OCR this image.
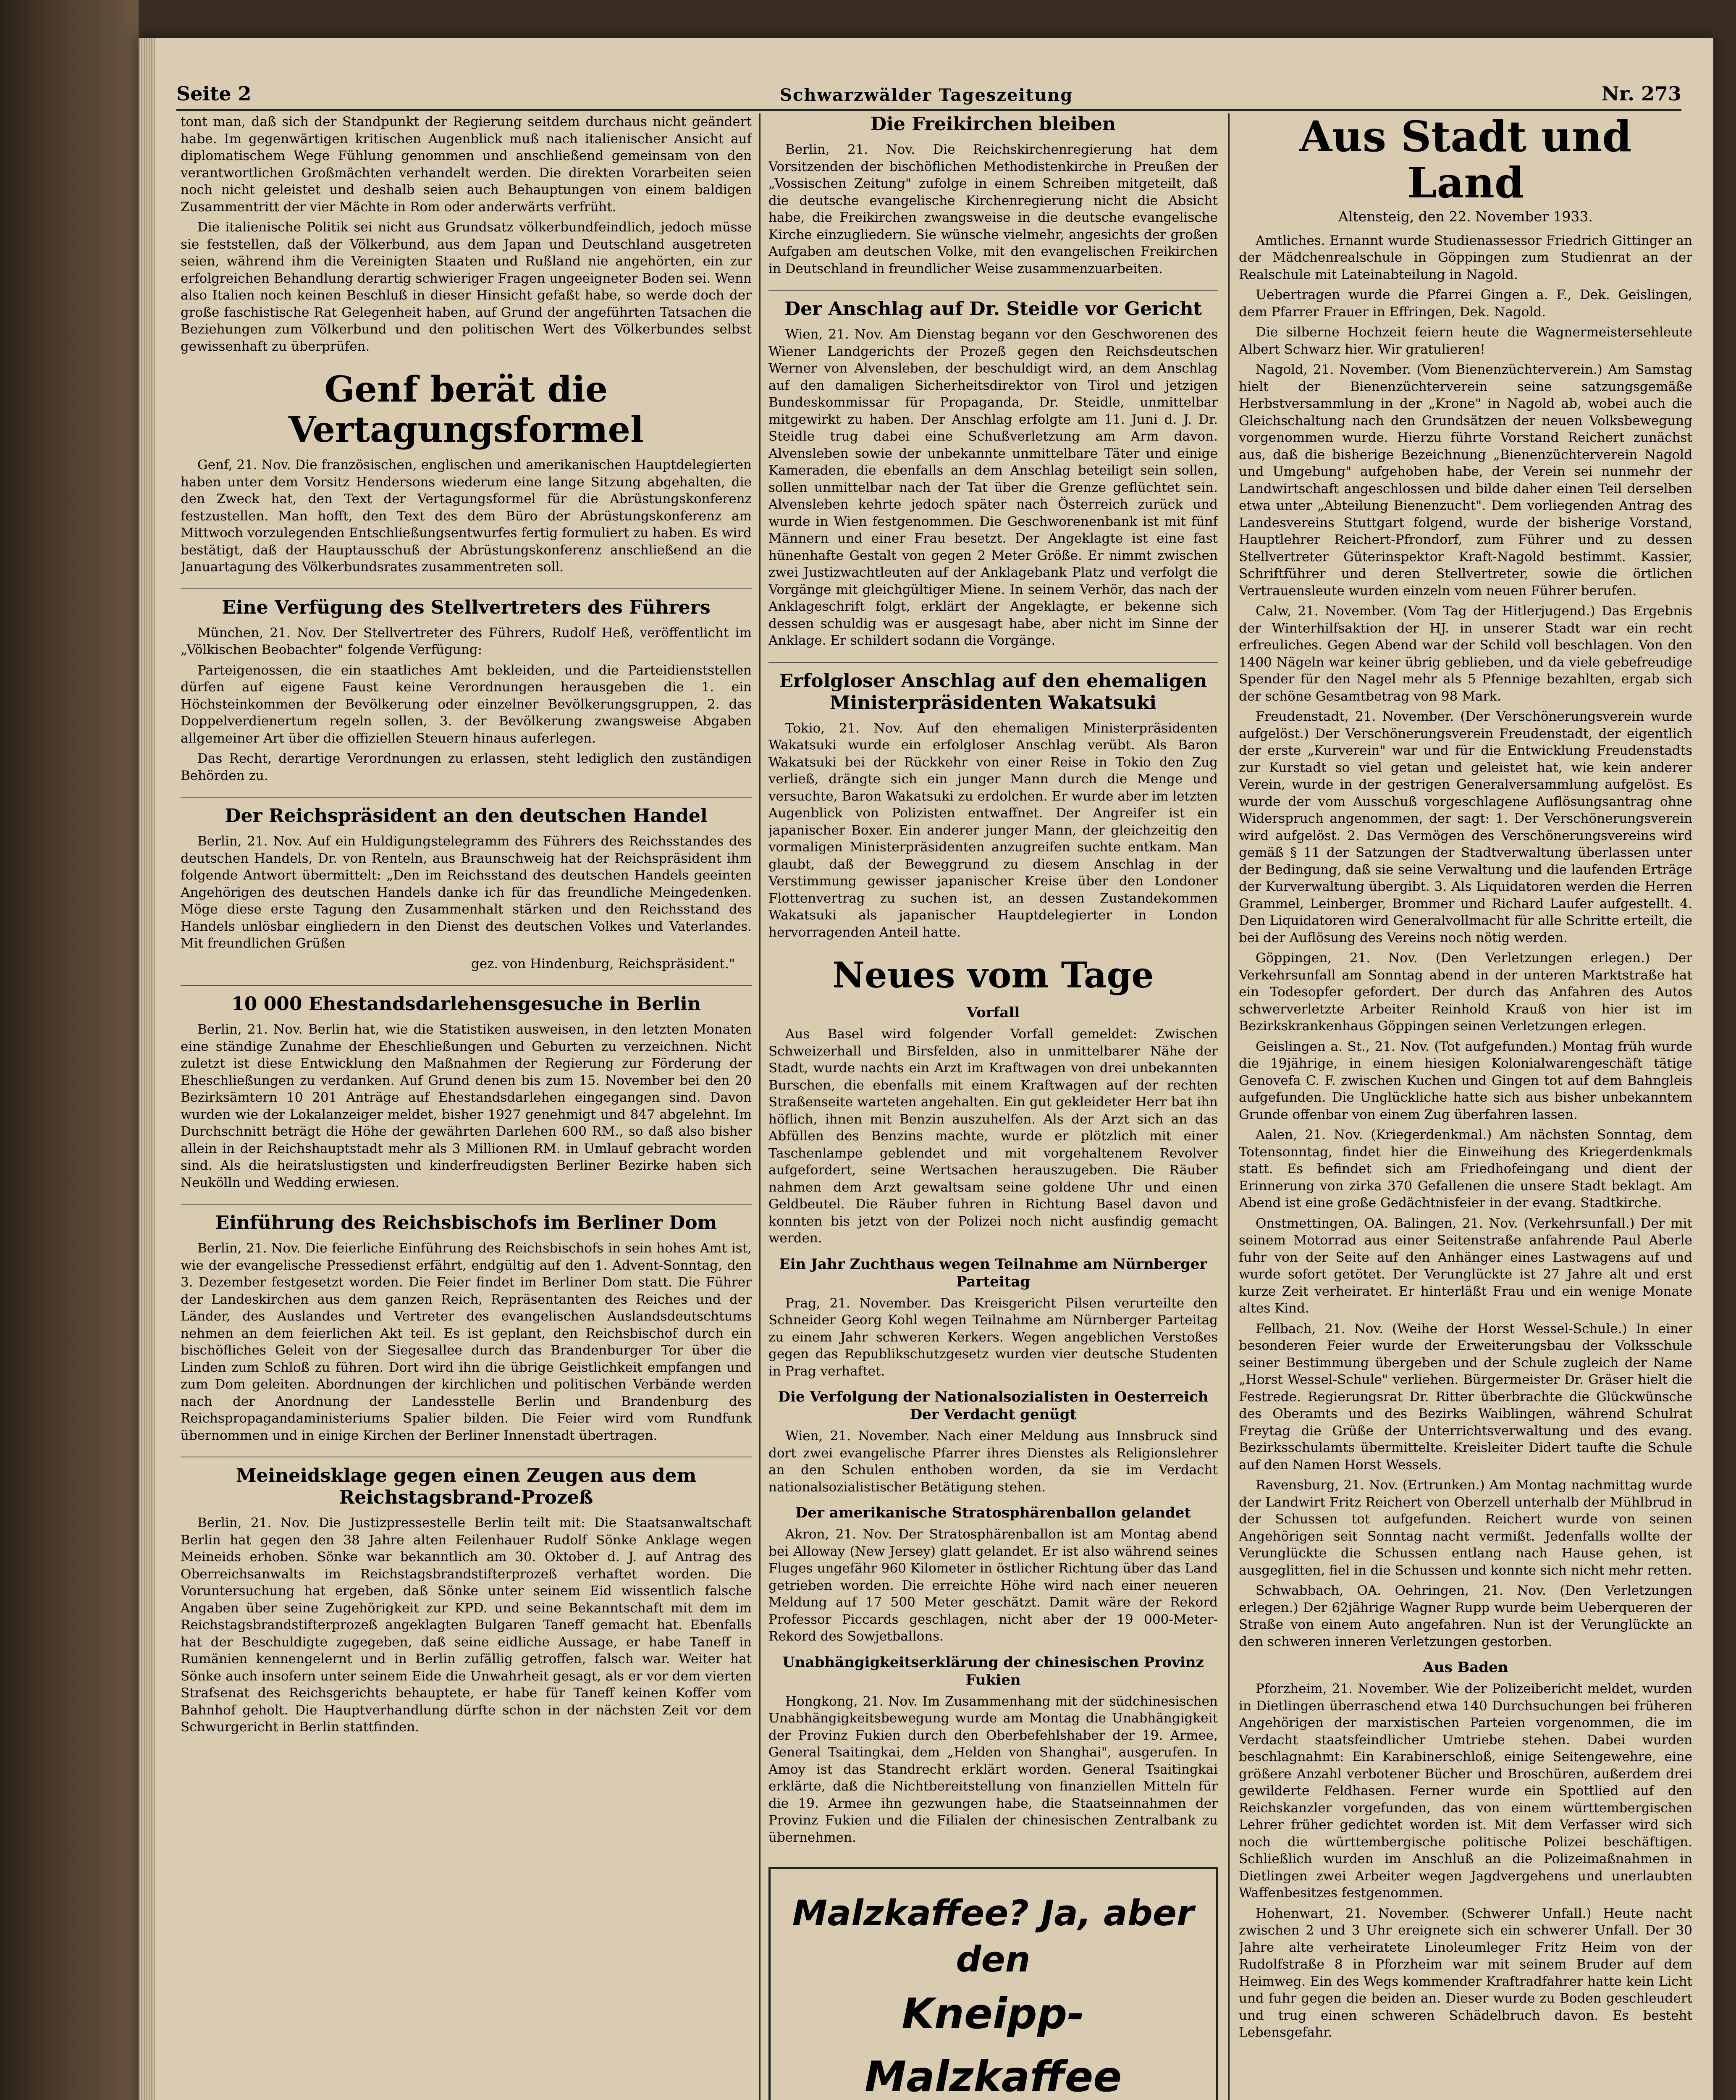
Seite 2	Schwarzwälder Tageszeitung	Nr. 273

tont man, daß sich der Standpunkt der Regierung seitdem durchaus nicht geändert habe. Im gegenwärtigen kritischen Augenblick muß nach italienischer Ansicht auf diplomatischem Wege Fühlung genommen und anschließend gemeinsam von den verantwortlichen Großmächten verhandelt werden. Die direkten Vorarbeiten seien noch nicht geleistet und deshalb seien auch Behauptungen von einem baldigen Zusammentritt der vier Mächte in Rom oder anderwärts verfrüht.

Die italienische Politik sei nicht aus Grundsatz völkerbundfeindlich, jedoch müsse sie feststellen, daß der Völkerbund, aus dem Japan und Deutschland ausgetreten seien, während ihm die Vereinigten Staaten und Rußland nie angehörten, ein zur erfolgreichen Behandlung derartig schwieriger Fragen ungeeigneter Boden sei. Wenn also Italien noch keinen Beschluß in dieser Hinsicht gefaßt habe, so werde doch der große faschistische Rat Gelegenheit haben, auf Grund der angeführten Tatsachen die Beziehungen zum Völkerbund und den politischen Wert des Völkerbundes selbst gewissenhaft zu überprüfen.

Genf berät die Vertagungsformel

Genf, 21. Nov. Die französischen, englischen und amerikanischen Hauptdelegierten haben unter dem Vorsitz Hendersons wiederum eine lange Sitzung abgehalten, die den Zweck hat, den Text der Vertagungsformel für die Abrüstungskonferenz festzustellen. Man hofft, den Text des dem Büro der Abrüstungskonferenz am Mittwoch vorzulegenden Entschließungsentwurfes fertig formuliert zu haben. Es wird bestätigt, daß der Hauptausschuß der Abrüstungskonferenz anschließend an die Januartagung des Völkerbundsrates zusammentreten soll.

Eine Verfügung des Stellvertreters des Führers

München, 21. Nov. Der Stellvertreter des Führers, Rudolf Heß, veröffentlicht im „Völkischen Beobachter" folgende Verfügung:

Parteigenossen, die ein staatliches Amt bekleiden, und die Parteidienststellen dürfen auf eigene Faust keine Verordnungen herausgeben die 1. ein Höchsteinkommen der Bevölkerung oder einzelner Bevölkerungsgruppen, 2. das Doppelverdienertum regeln sollen, 3. der Bevölkerung zwangsweise Abgaben allgemeiner Art über die offiziellen Steuern hinaus auferlegen.

Das Recht, derartige Verordnungen zu erlassen, steht lediglich den zuständigen Behörden zu.

Der Reichspräsident an den deutschen Handel

Berlin, 21. Nov. Auf ein Huldigungstelegramm des Führers des Reichsstandes des deutschen Handels, Dr. von Renteln, aus Braunschweig hat der Reichspräsident ihm folgende Antwort übermittelt: „Den im Reichsstand des deutschen Handels geeinten Angehörigen des deutschen Handels danke ich für das freundliche Meingedenken. Möge diese erste Tagung den Zusammenhalt stärken und den Reichsstand des Handels unlösbar eingliedern in den Dienst des deutschen Volkes und Vaterlandes. Mit freundlichen Grüßen

gez. von Hindenburg, Reichspräsident."
10 000 Ehestandsdarlehensgesuche in Berlin

Berlin, 21. Nov. Berlin hat, wie die Statistiken ausweisen, in den letzten Monaten eine ständige Zunahme der Eheschließungen und Geburten zu verzeichnen. Nicht zuletzt ist diese Entwicklung den Maßnahmen der Regierung zur Förderung der Eheschließungen zu verdanken. Auf Grund denen bis zum 15. November bei den 20 Bezirksämtern 10 201 Anträge auf Ehestandsdarlehen eingegangen sind. Davon wurden wie der Lokalanzeiger meldet, bisher 1927 genehmigt und 847 abgelehnt. Im Durchschnitt beträgt die Höhe der gewährten Darlehen 600 RM., so daß also bisher allein in der Reichshauptstadt mehr als 3 Millionen RM. in Umlauf gebracht worden sind. Als die heiratslustigsten und kinderfreudigsten Berliner Bezirke haben sich Neukölln und Wedding erwiesen.

Einführung des Reichsbischofs im Berliner Dom

Berlin, 21. Nov. Die feierliche Einführung des Reichsbischofs in sein hohes Amt ist, wie der evangelische Pressedienst erfährt, endgültig auf den 1. Advent-Sonntag, den 3. Dezember festgesetzt worden. Die Feier findet im Berliner Dom statt. Die Führer der Landeskirchen aus dem ganzen Reich, Repräsentanten des Reiches und der Länder, des Auslandes und Vertreter des evangelischen Auslandsdeutschtums nehmen an dem feierlichen Akt teil. Es ist geplant, den Reichsbischof durch ein bischöfliches Geleit von der Siegesallee durch das Brandenburger Tor über die Linden zum Schloß zu führen. Dort wird ihn die übrige Geistlichkeit empfangen und zum Dom geleiten. Abordnungen der kirchlichen und politischen Verbände werden nach der Anordnung der Landesstelle Berlin und Brandenburg des Reichspropagandaministeriums Spalier bilden. Die Feier wird vom Rundfunk übernommen und in einige Kirchen der Berliner Innenstadt übertragen.

Meineidsklage gegen einen Zeugen aus dem Reichstagsbrand-Prozeß

Berlin, 21. Nov. Die Justizpressestelle Berlin teilt mit: Die Staatsanwaltschaft Berlin hat gegen den 38 Jahre alten Feilenhauer Rudolf Sönke Anklage wegen Meineids erhoben. Sönke war bekanntlich am 30. Oktober d. J. auf Antrag des Oberreichsanwalts im Reichstagsbrandstifterprozeß verhaftet worden. Die Voruntersuchung hat ergeben, daß Sönke unter seinem Eid wissentlich falsche Angaben über seine Zugehörigkeit zur KPD. und seine Bekanntschaft mit dem im Reichstagsbrandstifterprozeß angeklagten Bulgaren Taneff gemacht hat. Ebenfalls hat der Beschuldigte zugegeben, daß seine eidliche Aussage, er habe Taneff in Rumänien kennengelernt und in Berlin zufällig getroffen, falsch war. Weiter hat Sönke auch insofern unter seinem Eide die Unwahrheit gesagt, als er vor dem vierten Strafsenat des Reichsgerichts behauptete, er habe für Taneff keinen Koffer vom Bahnhof geholt. Die Hauptverhandlung dürfte schon in der nächsten Zeit vor dem Schwurgericht in Berlin stattfinden.

Die Freikirchen bleiben

Berlin, 21. Nov. Die Reichskirchenregierung hat dem Vorsitzenden der bischöflichen Methodistenkirche in Preußen der „Vossischen Zeitung" zufolge in einem Schreiben mitgeteilt, daß die deutsche evangelische Kirchenregierung nicht die Absicht habe, die Freikirchen zwangsweise in die deutsche evangelische Kirche einzugliedern. Sie wünsche vielmehr, angesichts der großen Aufgaben am deutschen Volke, mit den evangelischen Freikirchen in Deutschland in freundlicher Weise zusammenzuarbeiten.

Der Anschlag auf Dr. Steidle vor Gericht

Wien, 21. Nov. Am Dienstag begann vor den Geschworenen des Wiener Landgerichts der Prozeß gegen den Reichsdeutschen Werner von Alvensleben, der beschuldigt wird, an dem Anschlag auf den damaligen Sicherheitsdirektor von Tirol und jetzigen Bundeskommissar für Propaganda, Dr. Steidle, unmittelbar mitgewirkt zu haben. Der Anschlag erfolgte am 11. Juni d. J. Dr. Steidle trug dabei eine Schußverletzung am Arm davon. Alvensleben sowie der unbekannte unmittelbare Täter und einige Kameraden, die ebenfalls an dem Anschlag beteiligt sein sollen, sollen unmittelbar nach der Tat über die Grenze geflüchtet sein. Alvensleben kehrte jedoch später nach Österreich zurück und wurde in Wien festgenommen. Die Geschworenenbank ist mit fünf Männern und einer Frau besetzt. Der Angeklagte ist eine fast hünenhafte Gestalt von gegen 2 Meter Größe. Er nimmt zwischen zwei Justizwachtleuten auf der Anklagebank Platz und verfolgt die Vorgänge mit gleichgültiger Miene. In seinem Verhör, das nach der Anklageschrift folgt, erklärt der Angeklagte, er bekenne sich dessen schuldig was er ausgesagt habe, aber nicht im Sinne der Anklage. Er schildert sodann die Vorgänge.

Erfolgloser Anschlag auf den ehemaligen Ministerpräsidenten Wakatsuki

Tokio, 21. Nov. Auf den ehemaligen Ministerpräsidenten Wakatsuki wurde ein erfolgloser Anschlag verübt. Als Baron Wakatsuki bei der Rückkehr von einer Reise in Tokio den Zug verließ, drängte sich ein junger Mann durch die Menge und versuchte, Baron Wakatsuki zu erdolchen. Er wurde aber im letzten Augenblick von Polizisten entwaffnet. Der Angreifer ist ein japanischer Boxer. Ein anderer junger Mann, der gleichzeitig den vormaligen Ministerpräsidenten anzugreifen suchte entkam. Man glaubt, daß der Beweggrund zu diesem Anschlag in der Verstimmung gewisser japanischer Kreise über den Londoner Flottenvertrag zu suchen ist, an dessen Zustandekommen Wakatsuki als japanischer Hauptdelegierter in London hervorragenden Anteil hatte.

Neues vom Tage
Vorfall

Aus Basel wird folgender Vorfall gemeldet: Zwischen Schweizerhall und Birsfelden, also in unmittelbarer Nähe der Stadt, wurde nachts ein Arzt im Kraftwagen von drei unbekannten Burschen, die ebenfalls mit einem Kraftwagen auf der rechten Straßenseite warteten angehalten. Ein gut gekleideter Herr bat ihn höflich, ihnen mit Benzin auszuhelfen. Als der Arzt sich an das Abfüllen des Benzins machte, wurde er plötzlich mit einer Taschenlampe geblendet und mit vorgehaltenem Revolver aufgefordert, seine Wertsachen herauszugeben. Die Räuber nahmen dem Arzt gewaltsam seine goldene Uhr und einen Geldbeutel. Die Räuber fuhren in Richtung Basel davon und konnten bis jetzt von der Polizei noch nicht ausfindig gemacht werden.

Ein Jahr Zuchthaus wegen Teilnahme am Nürnberger Parteitag

Prag, 21. November. Das Kreisgericht Pilsen verurteilte den Schneider Georg Kohl wegen Teilnahme am Nürnberger Parteitag zu einem Jahr schweren Kerkers. Wegen angeblichen Verstoßes gegen das Republikschutzgesetz wurden vier deutsche Studenten in Prag verhaftet.

Die Verfolgung der Nationalsozialisten in Oesterreich Der Verdacht genügt

Wien, 21. November. Nach einer Meldung aus Innsbruck sind dort zwei evangelische Pfarrer ihres Dienstes als Religionslehrer an den Schulen enthoben worden, da sie im Verdacht nationalsozialistischer Betätigung stehen.

Der amerikanische Stratosphärenballon gelandet

Akron, 21. Nov. Der Stratosphärenballon ist am Montag abend bei Alloway (New Jersey) glatt gelandet. Er ist also während seines Fluges ungefähr 960 Kilometer in östlicher Richtung über das Land getrieben worden. Die erreichte Höhe wird nach einer neueren Meldung auf 17 500 Meter geschätzt. Damit wäre der Rekord Professor Piccards geschlagen, nicht aber der 19 000-Meter-Rekord des Sowjetballons.

Unabhängigkeitserklärung der chinesischen Provinz Fukien

Hongkong, 21. Nov. Im Zusammenhang mit der südchinesischen Unabhängigkeitsbewegung wurde am Montag die Unabhängigkeit der Provinz Fukien durch den Oberbefehlshaber der 19. Armee, General Tsaitingkai, dem „Helden von Shanghai", ausgerufen. In Amoy ist das Standrecht erklärt worden. General Tsaitingkai erklärte, daß die Nichtbereitstellung von finanziellen Mitteln für die 19. Armee ihn gezwungen habe, die Staatseinnahmen der Provinz Fukien und die Filialen der chinesischen Zentralbank zu übernehmen.

Malzkaffee? Ja, aber den
Kneipp-Malzkaffee
Aus Stadt und Land
Altensteig, den 22. November 1933.

Amtliches. Ernannt wurde Studienassessor Friedrich Gittinger an der Mädchenrealschule in Göppingen zum Studienrat an der Realschule mit Lateinabteilung in Nagold.

Uebertragen wurde die Pfarrei Gingen a. F., Dek. Geislingen, dem Pfarrer Frauer in Effringen, Dek. Nagold.

Die silberne Hochzeit feiern heute die Wagnermeistersehleute Albert Schwarz hier. Wir gratulieren!

Nagold, 21. November. (Vom Bienenzüchterverein.) Am Samstag hielt der Bienenzüchterverein seine satzungsgemäße Herbstversammlung in der „Krone" in Nagold ab, wobei auch die Gleichschaltung nach den Grundsätzen der neuen Volksbewegung vorgenommen wurde. Hierzu führte Vorstand Reichert zunächst aus, daß die bisherige Bezeichnung „Bienenzüchterverein Nagold und Umgebung" aufgehoben habe, der Verein sei nunmehr der Landwirtschaft angeschlossen und bilde daher einen Teil derselben etwa unter „Abteilung Bienenzucht". Dem vorliegenden Antrag des Landesvereins Stuttgart folgend, wurde der bisherige Vorstand, Hauptlehrer Reichert-Pfrondorf, zum Führer und zu dessen Stellvertreter Güterinspektor Kraft-Nagold bestimmt. Kassier, Schriftführer und deren Stellvertreter, sowie die örtlichen Vertrauensleute wurden einzeln vom neuen Führer berufen.

Calw, 21. November. (Vom Tag der Hitlerjugend.) Das Ergebnis der Winterhilfsaktion der HJ. in unserer Stadt war ein recht erfreuliches. Gegen Abend war der Schild voll beschlagen. Von den 1400 Nägeln war keiner übrig geblieben, und da viele gebefreudige Spender für den Nagel mehr als 5 Pfennige bezahlten, ergab sich der schöne Gesamtbetrag von 98 Mark.

Freudenstadt, 21. November. (Der Verschönerungsverein wurde aufgelöst.) Der Verschönerungsverein Freudenstadt, der eigentlich der erste „Kurverein" war und für die Entwicklung Freudenstadts zur Kurstadt so viel getan und geleistet hat, wie kein anderer Verein, wurde in der gestrigen Generalversammlung aufgelöst. Es wurde der vom Ausschuß vorgeschlagene Auflösungsantrag ohne Widerspruch angenommen, der sagt: 1. Der Verschönerungsverein wird aufgelöst. 2. Das Vermögen des Verschönerungsvereins wird gemäß § 11 der Satzungen der Stadtverwaltung überlassen unter der Bedingung, daß sie seine Verwaltung und die laufenden Erträge der Kurverwaltung übergibt. 3. Als Liquidatoren werden die Herren Grammel, Leinberger, Brommer und Richard Laufer aufgestellt. 4. Den Liquidatoren wird Generalvollmacht für alle Schritte erteilt, die bei der Auflösung des Vereins noch nötig werden.

Göppingen, 21. Nov. (Den Verletzungen erlegen.) Der Verkehrsunfall am Sonntag abend in der unteren Marktstraße hat ein Todesopfer gefordert. Der durch das Anfahren des Autos schwerverletzte Arbeiter Reinhold Krauß von hier ist im Bezirkskrankenhaus Göppingen seinen Verletzungen erlegen.

Geislingen a. St., 21. Nov. (Tot aufgefunden.) Montag früh wurde die 19jährige, in einem hiesigen Kolonialwarengeschäft tätige Genovefa C. F. zwischen Kuchen und Gingen tot auf dem Bahngleis aufgefunden. Die Unglückliche hatte sich aus bisher unbekanntem Grunde offenbar von einem Zug überfahren lassen.

Aalen, 21. Nov. (Kriegerdenkmal.) Am nächsten Sonntag, dem Totensonntag, findet hier die Einweihung des Kriegerdenkmals statt. Es befindet sich am Friedhofeingang und dient der Erinnerung von zirka 370 Gefallenen die unsere Stadt beklagt. Am Abend ist eine große Gedächtnisfeier in der evang. Stadtkirche.

Onstmettingen, OA. Balingen, 21. Nov. (Verkehrsunfall.) Der mit seinem Motorrad aus einer Seitenstraße anfahrende Paul Aberle fuhr von der Seite auf den Anhänger eines Lastwagens auf und wurde sofort getötet. Der Verunglückte ist 27 Jahre alt und erst kurze Zeit verheiratet. Er hinterläßt Frau und ein wenige Monate altes Kind.

Fellbach, 21. Nov. (Weihe der Horst Wessel-Schule.) In einer besonderen Feier wurde der Erweiterungsbau der Volksschule seiner Bestimmung übergeben und der Schule zugleich der Name „Horst Wessel-Schule" verliehen. Bürgermeister Dr. Gräser hielt die Festrede. Regierungsrat Dr. Ritter überbrachte die Glückwünsche des Oberamts und des Bezirks Waiblingen, während Schulrat Freytag die Grüße der Unterrichtsverwaltung und des evang. Bezirksschulamts übermittelte. Kreisleiter Didert taufte die Schule auf den Namen Horst Wessels.

Ravensburg, 21. Nov. (Ertrunken.) Am Montag nachmittag wurde der Landwirt Fritz Reichert von Oberzell unterhalb der Mühlbrud in der Schussen tot aufgefunden. Reichert wurde von seinen Angehörigen seit Sonntag nacht vermißt. Jedenfalls wollte der Verunglückte die Schussen entlang nach Hause gehen, ist ausgeglitten, fiel in die Schussen und konnte sich nicht mehr retten.

Schwabbach, OA. Oehringen, 21. Nov. (Den Verletzungen erlegen.) Der 62jährige Wagner Rupp wurde beim Ueberqueren der Straße von einem Auto angefahren. Nun ist der Verunglückte an den schweren inneren Verletzungen gestorben.

Aus Baden

Pforzheim, 21. November. Wie der Polizeibericht meldet, wurden in Dietlingen überraschend etwa 140 Durchsuchungen bei früheren Angehörigen der marxistischen Parteien vorgenommen, die im Verdacht staatsfeindlicher Umtriebe stehen. Dabei wurden beschlagnahmt: Ein Karabinerschloß, einige Seitengewehre, eine größere Anzahl verbotener Bücher und Broschüren, außerdem drei gewilderte Feldhasen. Ferner wurde ein Spottlied auf den Reichskanzler vorgefunden, das von einem württembergischen Lehrer früher gedichtet worden ist. Mit dem Verfasser wird sich noch die württembergische politische Polizei beschäftigen. Schließlich wurden im Anschluß an die Polizeimaßnahmen in Dietlingen zwei Arbeiter wegen Jagdvergehens und unerlaubten Waffenbesitzes festgenommen.

Hohenwart, 21. November. (Schwerer Unfall.) Heute nacht zwischen 2 und 3 Uhr ereignete sich ein schwerer Unfall. Der 30 Jahre alte verheiratete Linoleumleger Fritz Heim von der Rudolfstraße 8 in Pforzheim war mit seinem Bruder auf dem Heimweg. Ein des Wegs kommender Kraftradfahrer hatte kein Licht und fuhr gegen die beiden an. Dieser wurde zu Boden geschleudert und trug einen schweren Schädelbruch davon. Es besteht Lebensgefahr.
